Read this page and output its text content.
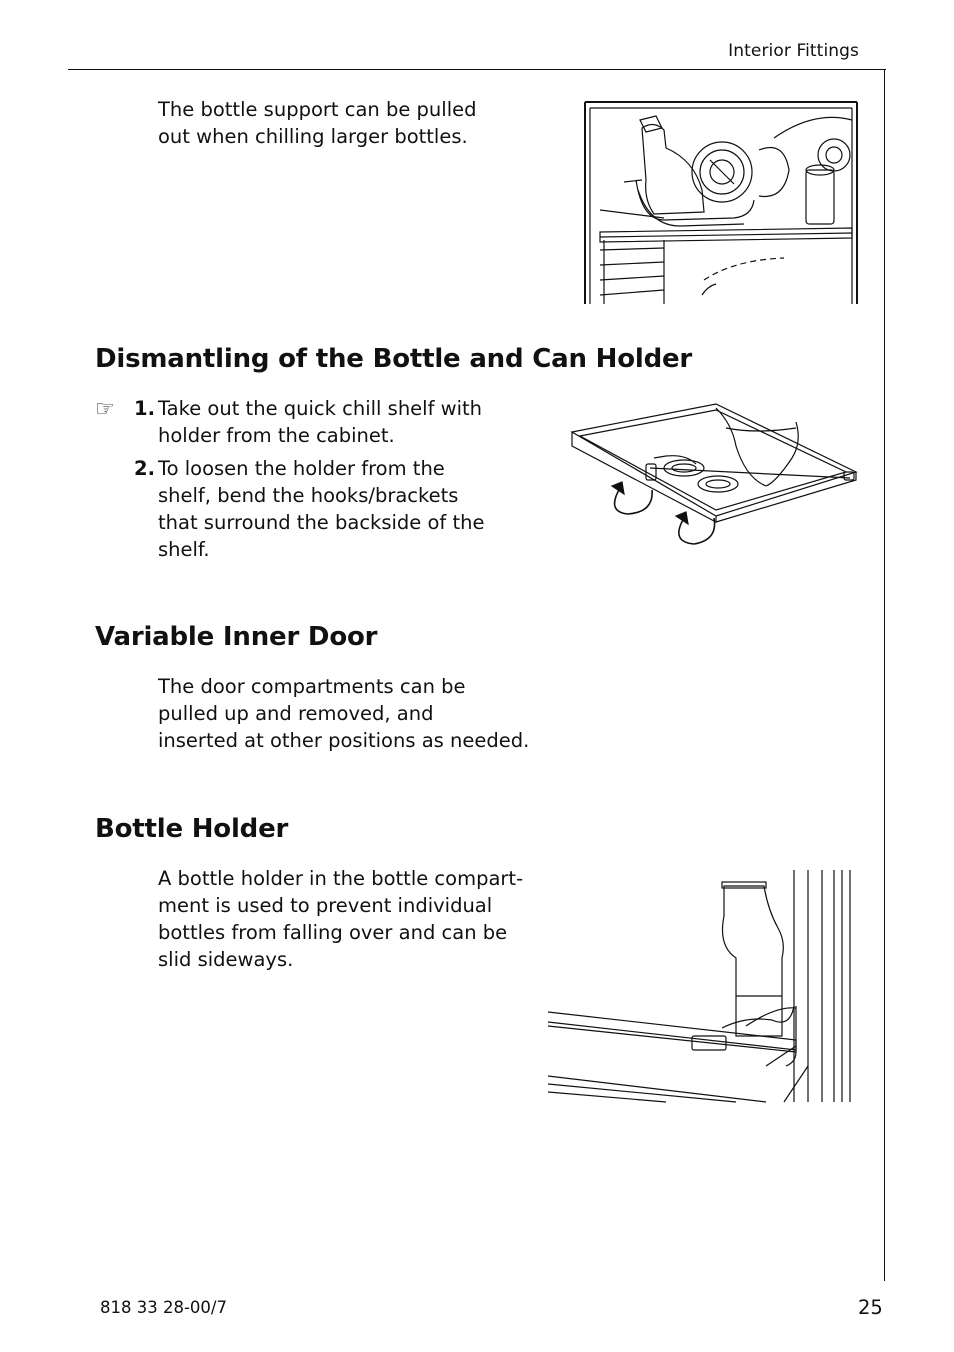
Interior Fittings
The bottle support can be pulled
out when chilling larger bottles.
Dismantling of the Bottle and Can Holder
☞ 1. Take out the quick chill shelf with
holder from the cabinet.
2. To loosen the holder from the
shelf, bend the hooks/brackets
that surround the backside of the
shelf.
Variable Inner Door
The door compartments can be
pulled up and removed, and
inserted at other positions as needed.
Bottle Holder
A bottle holder in the bottle compart-
ment is used to prevent individual
bottles from falling over and can be
slid sideways.
818 33 28-00/7	25
